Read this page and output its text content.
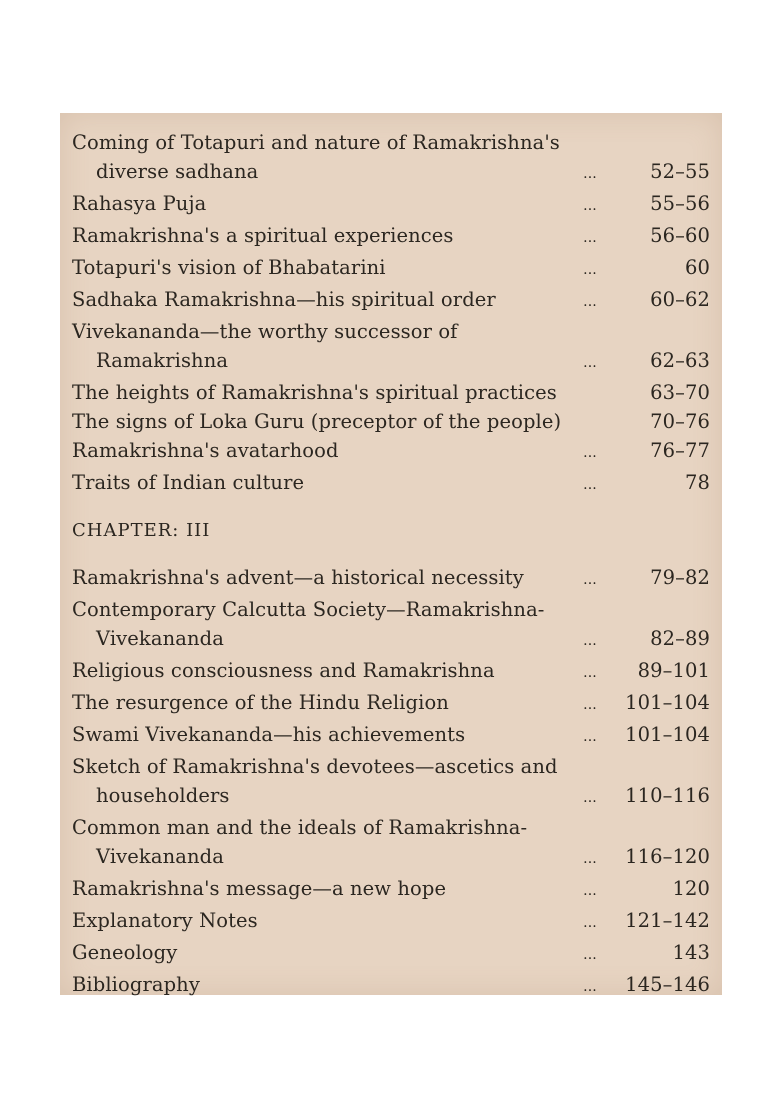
Coming of Totapuri and nature of Ramakrishna's
diverse sadhana	...	52–55
Rahasya Puja	...	55–56
Ramakrishna's a spiritual experiences	...	56–60
Totapuri's vision of Bhabatarini	...	60
Sadhaka Ramakrishna—his spiritual order	...	60–62
Vivekananda—the worthy successor of
Ramakrishna	...	62–63
The heights of Ramakrishna's spiritual practices	63–70
The signs of Loka Guru (preceptor of the people)	70–76
Ramakrishna's avatarhood	...	76–77
Traits of Indian culture	...	78
CHAPTER: III
Ramakrishna's advent—a historical necessity	...	79–82
Contemporary Calcutta Society—Ramakrishna-
Vivekananda	...	82–89
Religious consciousness and Ramakrishna	...	89–101
The resurgence of the Hindu Religion	...	101–104
Swami Vivekananda—his achievements	...	101–104
Sketch of Ramakrishna's devotees—ascetics and
householders	...	110–116
Common man and the ideals of Ramakrishna-
Vivekananda	...	116–120
Ramakrishna's message—a new hope	...	120
Explanatory Notes	...	121–142
Geneology	...	143
Bibliography	...	145–146
